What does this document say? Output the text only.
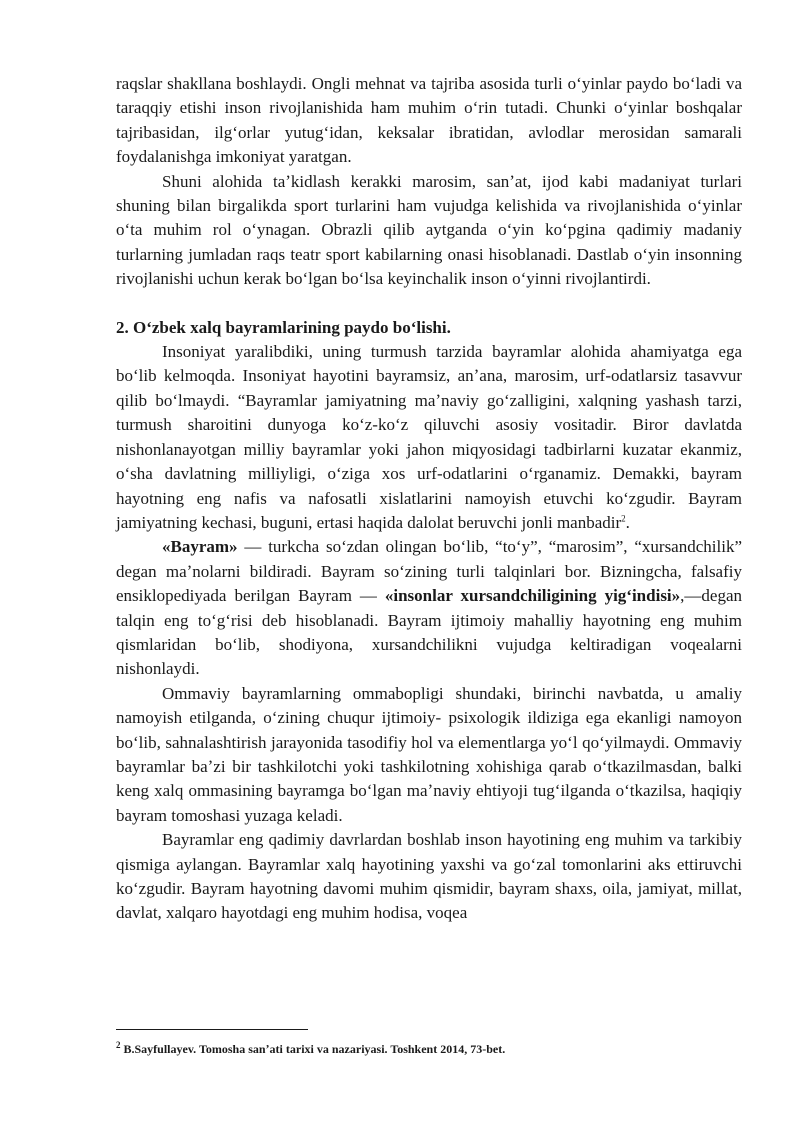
raqslar shakllana boshlaydi. Ongli mehnat va tajriba asosida turli oʻyinlar paydo boʻladi va taraqqiy etishi inson rivojlanishida ham muhim oʻrin tutadi. Chunki oʻyinlar boshqalar tajribasidan, ilgʻorlar yutugʻidan, keksalar ibratidan, avlodlar merosidan samarali foydalanishga imkoniyat yaratgan.

Shuni alohida taʼkidlash kerakki marosim, sanʼat, ijod kabi madaniyat turlari shuning bilan birgalikda sport turlarini ham vujudga kelishida va rivojlanishida oʻyinlar oʻta muhim rol oʻynagan. Obrazli qilib aytganda oʻyin koʻpgina qadimiy madaniy turlarning jumladan raqs teatr sport kabilarning onasi hisoblanadi. Dastlab oʻyin insonning rivojlanishi uchun kerak boʻlgan boʻlsa keyinchalik inson oʻyinni rivojlantirdi.

2. Oʻzbek xalq bayramlarining paydo boʻlishi.

Insoniyat yaralibdiki, uning turmush tarzida bayramlar alohida ahamiyatga ega boʻlib kelmoqda. Insoniyat hayotini bayramsiz, anʼana, marosim, urf-odatlarsiz tasavvur qilib boʻlmaydi. “Bayramlar jamiyatning maʼnaviy goʻzalligini, xalqning yashash tarzi, turmush sharoitini dunyoga koʻz-koʻz qiluvchi asosiy vositadir. Biror davlatda nishonlanayotgan milliy bayramlar yoki jahon miqyosidagi tadbirlarni kuzatar ekanmiz, oʻsha davlatning milliyligi, oʻziga xos urf-odatlarini oʻrganamiz. Demakki, bayram hayotning eng nafis va nafosatli xislatlarini namoyish etuvchi koʻzgudir. Bayram jamiyatning kechasi, buguni, ertasi haqida dalolat beruvchi jonli manbadir$^2$.

«Bayram» — turkcha soʻzdan olingan boʻlib, “toʻy”, “marosim”, “xursandchilik” degan maʼnolarni bildiradi. Bayram soʻzining turli talqinlari bor. Bizningcha, falsafiy ensiklopediyada berilgan Bayram — «insonlar xursandchiligining yigʻindisi»,—degan talqin eng toʻgʻrisi deb hisoblanadi. Bayram ijtimoiy mahalliy hayotning eng muhim qismlaridan boʻlib, shodiyona, xursandchilikni vujudga keltiradigan voqealarni nishonlaydi.

Ommaviy bayramlarning ommabopligi shundaki, birinchi navbatda, u amaliy namoyish etilganda, oʻzining chuqur ijtimoiy- psixologik ildiziga ega ekanligi namoyon boʻlib, sahnalashtirish jarayonida tasodifiy hol va elementlarga yoʻl qoʻyilmaydi. Ommaviy bayramlar baʼzi bir tashkilotchi yoki tashkilotning xohishiga qarab oʻtkazilmasdan, balki keng xalq ommasining bayramga boʻlgan maʼnaviy ehtiyoji tugʻilganda oʻtkazilsa, haqiqiy bayram tomoshasi yuzaga keladi.

Bayramlar eng qadimiy davrlardan boshlab inson hayotining eng muhim va tarkibiy qismiga aylangan. Bayramlar xalq hayotining yaxshi va goʻzal tomonlarini aks ettiruvchi koʻzgudir. Bayram hayotning davomi muhim qismidir, bayram shaxs, oila, jamiyat, millat, davlat, xalqaro hayotdagi eng muhim hodisa, voqea

$^2$ B.Sayfullayev. Tomosha sanʼati tarixi va nazariyasi. Toshkent 2014, 73-bet.
